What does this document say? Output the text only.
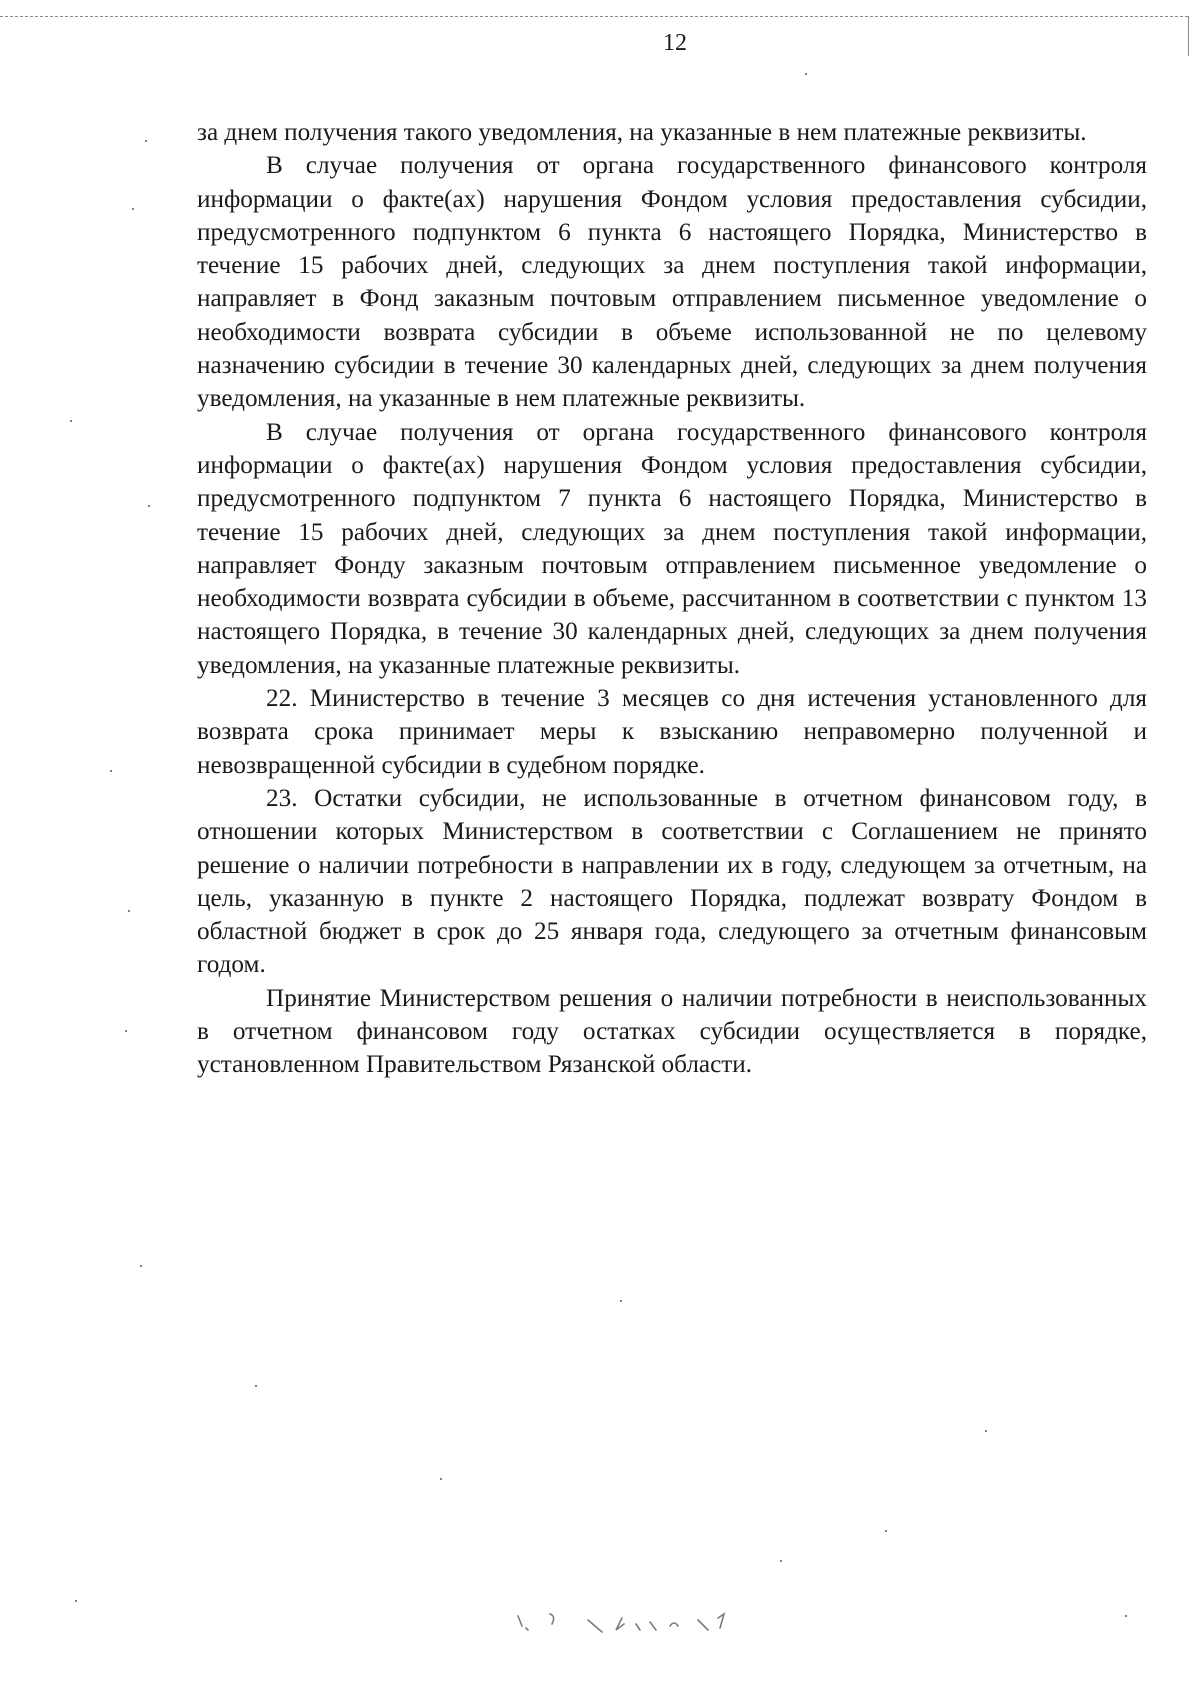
12

за днем получения такого уведомления, на указанные в нем платежные реквизиты.

В случае получения от органа государственного финансового контроля информации о факте(ах) нарушения Фондом условия предоставления субсидии, предусмотренного подпунктом 6 пункта 6 настоящего Порядка, Министерство в течение 15 рабочих дней, следующих за днем поступления такой информации, направляет в Фонд заказным почтовым отправлением письменное уведомление о необходимости возврата субсидии в объеме использованной не по целевому назначению субсидии в течение 30 календарных дней, следующих за днем получения уведомления, на указанные в нем платежные реквизиты.

В случае получения от органа государственного финансового контроля информации о факте(ах) нарушения Фондом условия предоставления субсидии, предусмотренного подпунктом 7 пункта 6 настоящего Порядка, Министерство в течение 15 рабочих дней, следующих за днем поступления такой информации, направляет Фонду заказным почтовым отправлением письменное уведомление о необходимости возврата субсидии в объеме, рассчитанном в соответствии с пунктом 13 настоящего Порядка, в течение 30 календарных дней, следующих за днем получения уведомления, на указанные платежные реквизиты.

22. Министерство в течение 3 месяцев со дня истечения установленного для возврата срока принимает меры к взысканию неправомерно полученной и невозвращенной субсидии в судебном порядке.

23. Остатки субсидии, не использованные в отчетном финансовом году, в отношении которых Министерством в соответствии с Соглашением не принято решение о наличии потребности в направлении их в году, следующем за отчетным, на цель, указанную в пункте 2 настоящего Порядка, подлежат возврату Фондом в областной бюджет в срок до 25 января года, следующего за отчетным финансовым годом.

Принятие Министерством решения о наличии потребности в неиспользованных в отчетном финансовом году остатках субсидии осуществляется в порядке, установленном Правительством Рязанской области.
